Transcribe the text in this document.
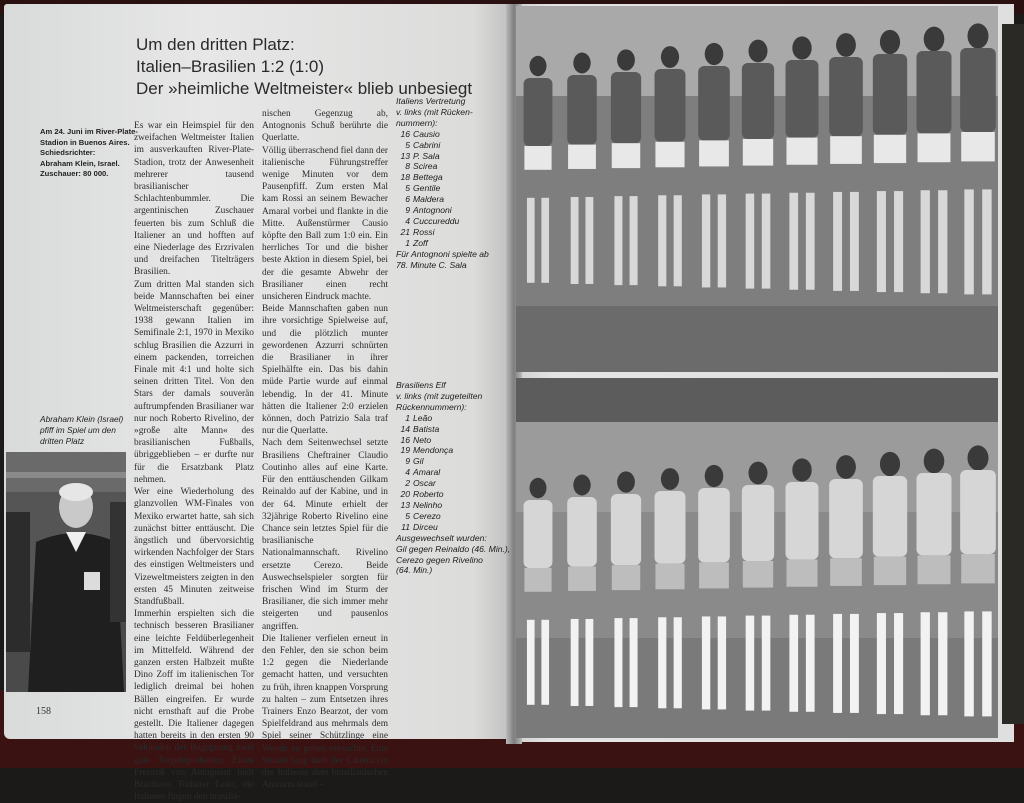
Um den dritten Platz:
Italien–Brasilien 1:2 (1:0)
Der »heimliche Weltmeister« blieb unbesiegt
Am 24. Juni im River-Plate-
Stadion in Buenos Aires.
Schiedsrichter:
Abraham Klein, Israel.
Zuschauer: 80 000.
Abraham Klein (Israel)
pfiff im Spiel um den
dritten Platz

Es war ein Heimspiel für den zweifachen Weltmeister Italien im ausverkauften River-Plate-Stadion, trotz der Anwesenheit mehrerer tausend brasilianischer Schlachtenbummler. Die argentinischen Zuschauer feuerten bis zum Schluß die Italiener an und hofften auf eine Niederlage des Erzrivalen und dreifachen Titelträgers Brasilien.

Zum dritten Mal standen sich beide Mannschaften bei einer Weltmeisterschaft gegenüber: 1938 gewann Italien im Semifinale 2:1, 1970 in Mexiko schlug Brasilien die Azzurri in einem packenden, torreichen Finale mit 4:1 und holte sich seinen dritten Titel. Von den Stars der damals souverän auftrumpfenden Brasilianer war nur noch Roberto Rivelino, der »große alte Mann« des brasilianischen Fußballs, übriggeblieben – er durfte nur für die Ersatzbank Platz nehmen.

Wer eine Wiederholung des glanzvollen WM-Finales von Mexiko erwartet hatte, sah sich zunächst bitter enttäuscht. Die ängstlich und übervorsichtig wirkenden Nachfolger der Stars des einstigen Weltmeisters und Vizeweltmeisters zeigten in den ersten 45 Minuten zeitweise Standfußball.

Immerhin erspielten sich die technisch besseren Brasilianer eine leichte Feldüberlegenheit im Mittelfeld. Während der ganzen ersten Halbzeit mußte Dino Zoff im italienischen Tor lediglich dreimal bei hohen Bällen eingreifen. Er wurde nicht ernsthaft auf die Probe gestellt. Die Italiener dagegen hatten bereits in den ersten 90 Sekunden der Begegnung zwei gute Torgelegenheiten: Einen Freistoß von Antognoni hielt Brasiliens Torhüter Leão, die Italiener fingen den brasilia-

nischen Gegenzug ab, Antognonis Schuß berührte die Querlatte.

Völlig überraschend fiel dann der italienische Führungstreffer wenige Minuten vor dem Pausenpfiff. Zum ersten Mal kam Rossi an seinem Bewacher Amaral vorbei und flankte in die Mitte. Außenstürmer Causio köpfte den Ball zum 1:0 ein. Ein herrliches Tor und die bisher beste Aktion in diesem Spiel, bei der die gesamte Abwehr der Brasilianer einen recht unsicheren Eindruck machte.

Beide Mannschaften gaben nun ihre vorsichtige Spielweise auf, und die plötzlich munter gewordenen Azzurri schnürten die Brasilianer in ihrer Spielhälfte ein. Das bis dahin müde Partie wurde auf einmal lebendig. In der 41. Minute hätten die Italiener 2:0 erzielen können, doch Patrizio Sala traf nur die Querlatte.

Nach dem Seitenwechsel setzte Brasiliens Cheftrainer Claudio Coutinho alles auf eine Karte. Für den enttäuschenden Gilkam Reinaldo auf der Kabine, und in der 64. Minute erhielt der 32jährige Roberto Rivelino eine Chance sein letztes Spiel für die brasilianische Nationalmannschaft. Rivelino ersetzte Cerezo. Beide Auswechselspieler sorgten für frischen Wind im Sturm der Brasilianer, die sich immer mehr steigerten und pausenlos angriffen.

Die Italiener verfielen erneut in den Fehler, den sie schon beim 1:2 gegen die Niederlande gemacht hatten, und versuchten zu früh, ihren knappen Vorsprung zu halten – zum Entsetzen ihres Trainers Enzo Bearzot, der vom Spielfeldrand aus mehrmals dem Spiel seiner Schützlinge eine Wende zu geben versuchte. Eine Stunde lang hielt der Catenaccio der Italiener dem brasilianischen Ansturm stand –

Italiens Vertretung
v. links (mit Rücken-
nummern):
16 Causio
5 Cabrini
13 P. Sala
8 Scirea
18 Bettega
5 Gentile
6 Maldera
9 Antognoni
4 Cuccureddu
21 Rossi
1 Zoff
Für Antognoni spielte ab
78. Minute C. Sala
Brasiliens Elf
v. links (mit zugeteilten
Rückennummern):
1 Leão
14 Batista
16 Neto
19 Mendonça
9 Gil
4 Amaral
2 Oscar
20 Roberto
13 Nelinho
5 Cerezo
11 Dirceu
Ausgewechselt wurden:
Gil gegen Reinaldo (46. Min.),
Cerezo gegen Rivelino
(64. Min.)
158
